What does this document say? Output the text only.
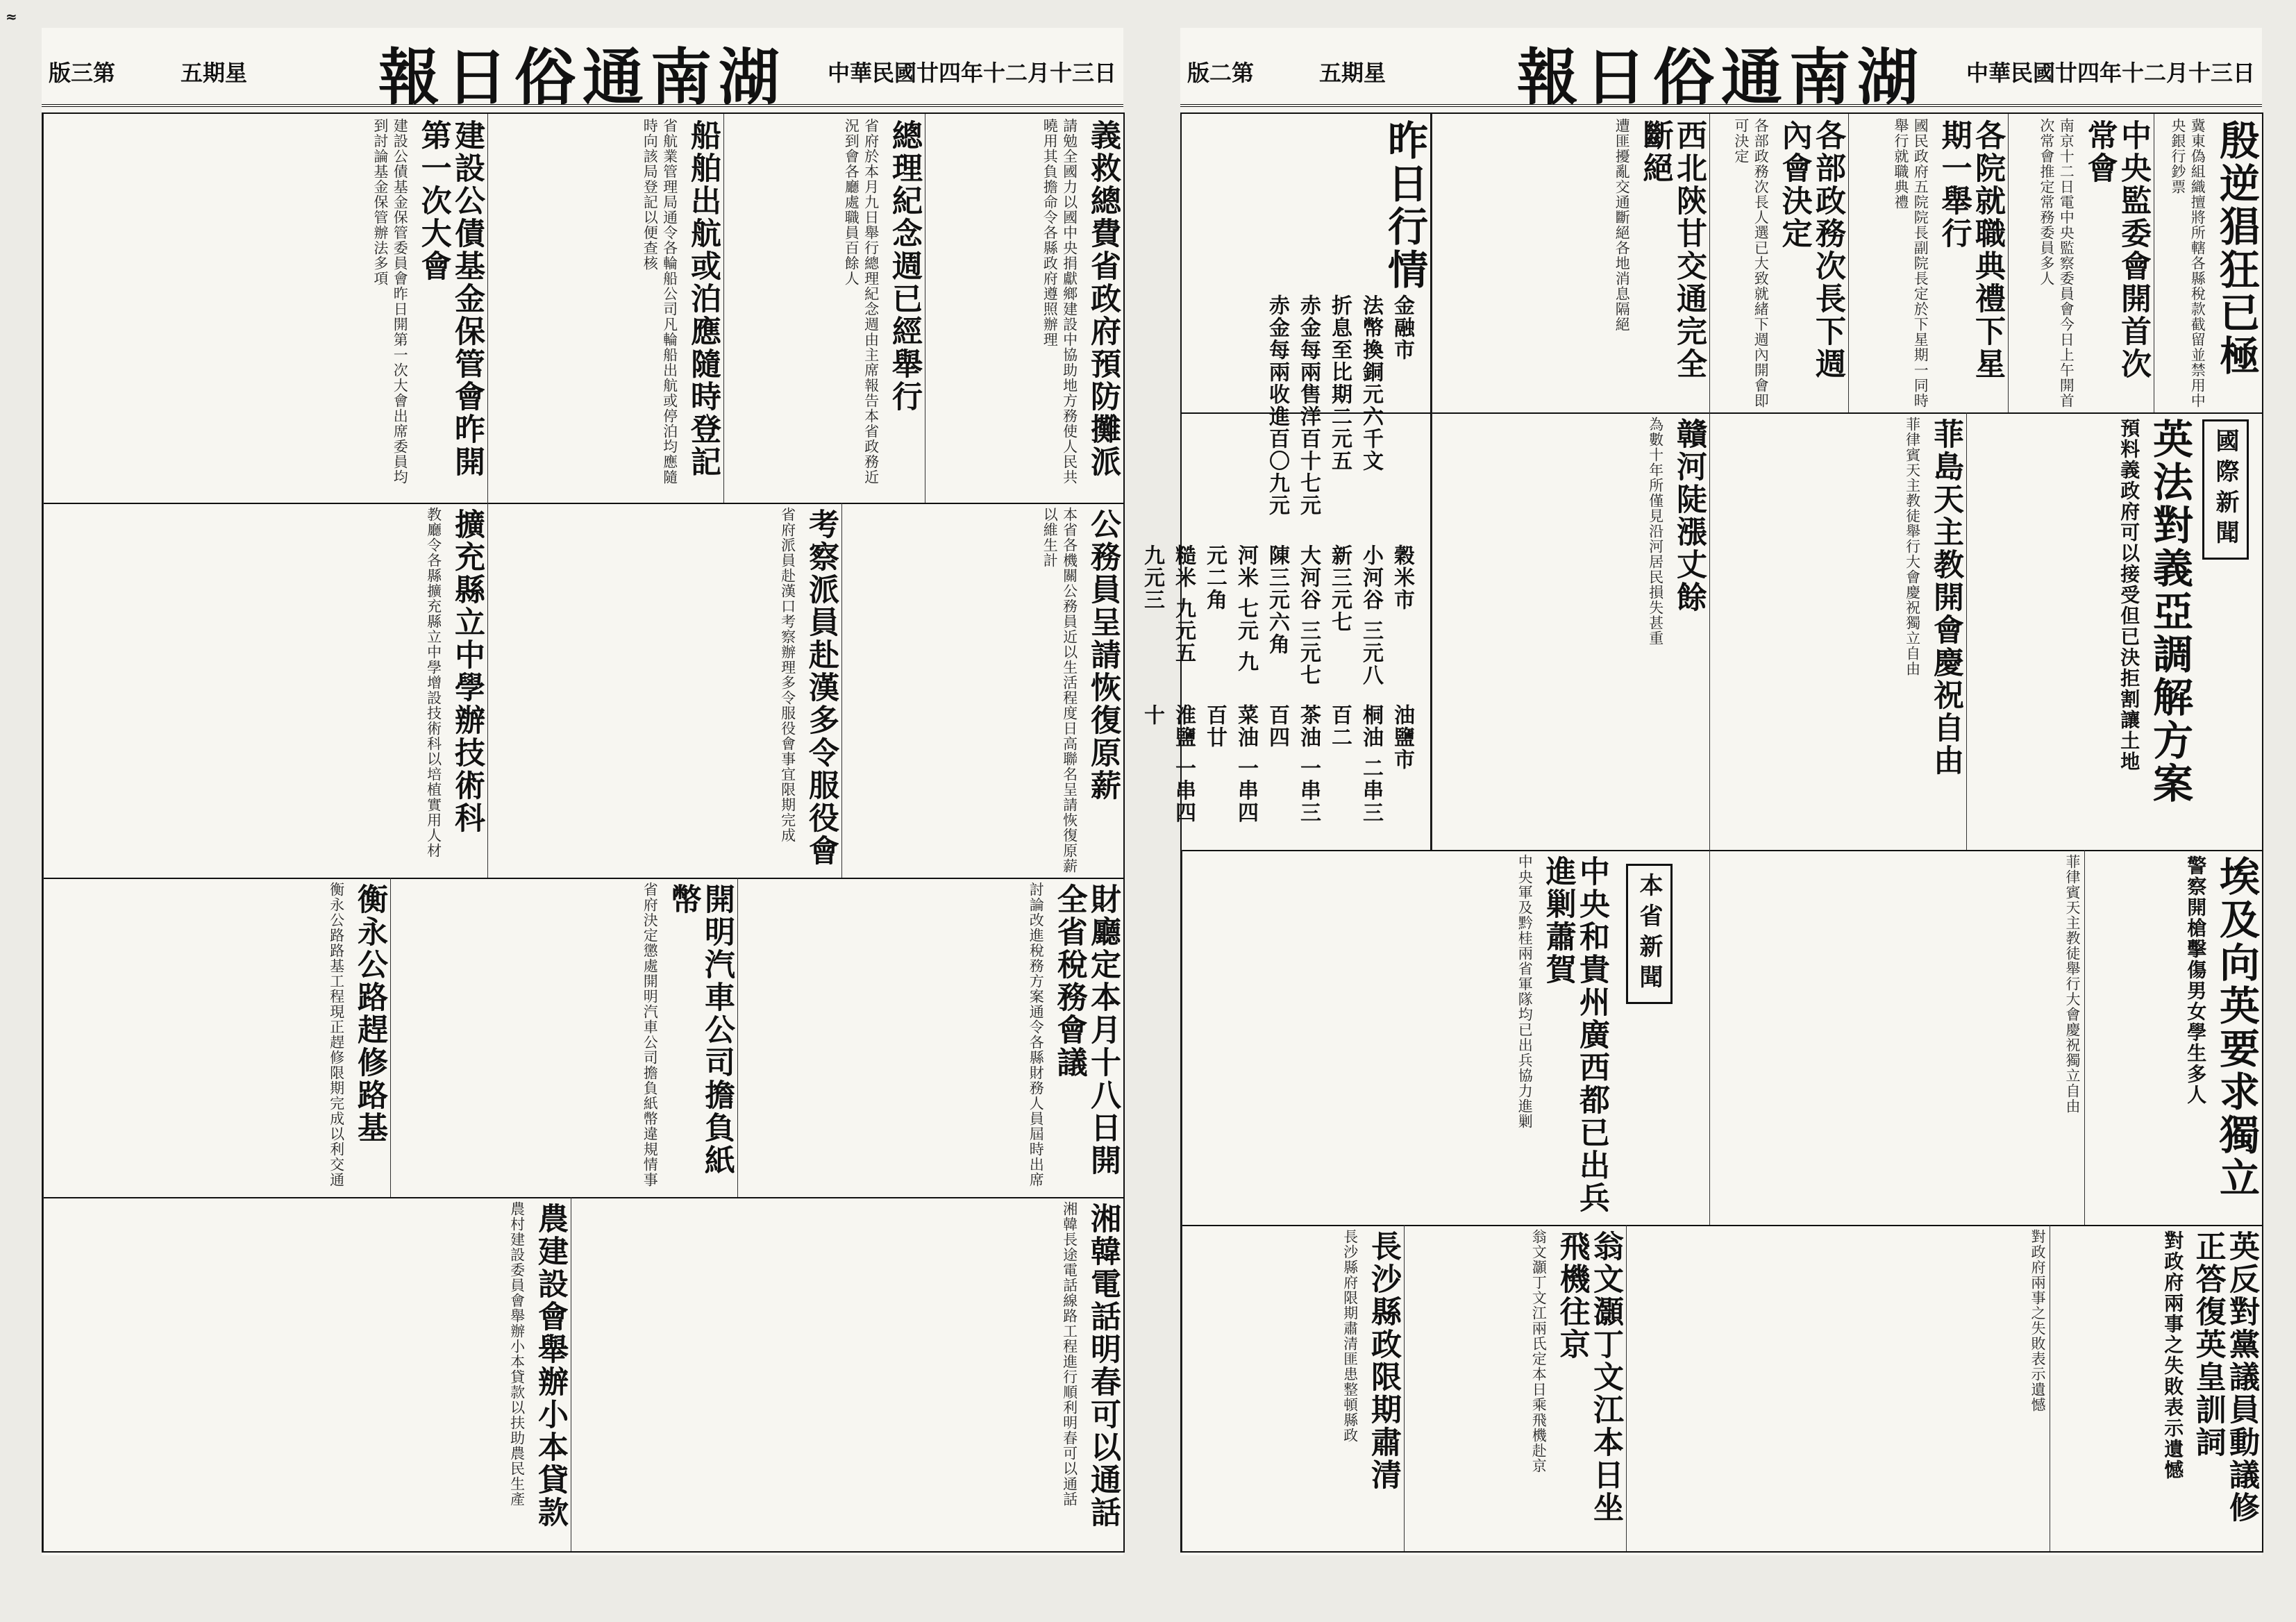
≈
版三第	五期星 報日俗通南湖 中華民國廿四年十二月十三日
義救總費省政府預防攤派
請勉全國力以國中央捐獻鄉建設中協助地方務使人民共曉用其負擔命令各縣政府遵照辦理
總理紀念週已經舉行
省府於本月九日舉行總理紀念週由主席報告本省政務近況到會各廳處職員百餘人
船舶出航或泊應隨時登記
省航業管理局通令各輪船公司凡輪船出航或停泊均應隨時向該局登記以便查核
建設公債基金保管會昨開第一次大會
建設公債基金保管委員會昨日開第一次大會出席委員均到討論基金保管辦法多項
公務員呈請恢復原薪
本省各機關公務員近以生活程度日高聯名呈請恢復原薪以維生計
考察派員赴漢多令服役會
省府派員赴漢口考察辦理多令服役會事宜限期完成
擴充縣立中學辦技術科
教廳令各縣擴充縣立中學增設技術科以培植實用人材
財廳定本月十八日開全省稅務會議
討論改進稅務方案通令各縣財務人員屆時出席
開明汽車公司擔負紙幣
省府決定懲處開明汽車公司擔負紙幣違規情事
衡永公路趕修路基
衡永公路路基工程現正趕修限期完成以利交通
湘韓電話明春可以通話
湘韓長途電話線路工程進行順利明春可以通話
農建設會舉辦小本貸款
農村建設委員會舉辦小本貸款以扶助農民生產
版二第	五期星 報日俗通南湖 中華民國廿四年十二月十三日
殷逆猖狂已極
冀東偽組織擅將所轄各縣稅款截留並禁用中央銀行鈔票
中央監委會開首次常會
南京十二日電中央監察委員會今日上午開首次常會推定常務委員多人
各院就職典禮下星期一舉行
國民政府五院院長副院長定於下星期一同時舉行就職典禮
各部政務次長下週內會決定
各部政務次長人選已大致就緒下週內開會即可決定
西北陝甘交通完全斷絕
遭匪擾亂交通斷絕各地消息隔絕
昨日行情
金融市
法幣換銅元六千文
折息至比期二元五
赤金每兩售洋百十七元
赤金每兩收進百〇九元
穀米市
小河谷 三元八 新三元七
大河谷 三元七 陳三元六角
河米 七元 九元二角
糙米 九元五 九元三
油鹽市
桐油 二串三百二
茶油 一串三百四
菜油 一串四百廿
淮鹽 一串四十
國際新聞
英法對義亞調解方案
預料義政府可以接受但已決拒割讓土地
菲島天主教開會慶祝自由
菲律賓天主教徒舉行大會慶祝獨立自由
贛河陡漲丈餘
為數十年所僅見沿河居民損失甚重
埃及向英要求獨立
警察開槍擊傷男女學生多人
菲律賓天主教徒舉行大會慶祝獨立自由
本省新聞
中央和貴州廣西都已出兵進剿蕭賀
中央軍及黔桂兩省軍隊均已出兵協力進剿
英反對黨議員動議修正答復英皇訓詞
對政府兩事之失敗表示遺憾
對政府兩事之失敗表示遺憾
翁文灝丁文江本日坐飛機往京
翁文灝丁文江兩氏定本日乘飛機赴京
長沙縣政限期肅清
長沙縣府限期肅清匪患整頓縣政
